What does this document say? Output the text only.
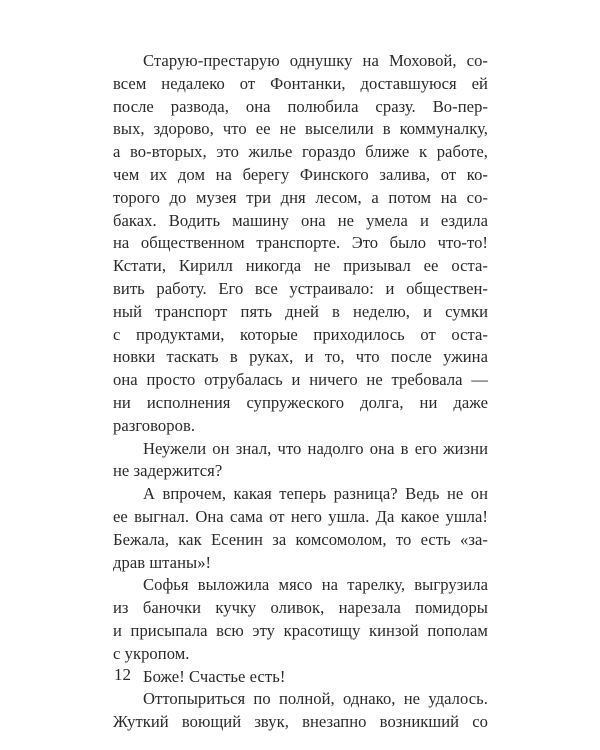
Старую-престарую однушку на Моховой, со-
всем недалеко от Фонтанки, доставшуюся ей
после развода, она полюбила сразу. Во-пер-
вых, здорово, что ее не выселили в коммуналку,
а во-вторых, это жилье гораздо ближе к работе,
чем их дом на берегу Финского залива, от ко-
торого до музея три дня лесом, а потом на со-
баках. Водить машину она не умела и ездила
на общественном транспорте. Это было что-то!
Кстати, Кирилл никогда не призывал ее оста-
вить работу. Его все устраивало: и обществен-
ный транспорт пять дней в неделю, и сумки
с продуктами, которые приходилось от оста-
новки таскать в руках, и то, что после ужина
она просто отрубалась и ничего не требовала —
ни исполнения супружеского долга, ни даже
разговоров.
Неужели он знал, что надолго она в его жизни
не задержится?
А впрочем, какая теперь разница? Ведь не он
ее выгнал. Она сама от него ушла. Да какое ушла!
Бежала, как Есенин за комсомолом, то есть «за-
драв штаны»!
Софья выложила мясо на тарелку, выгрузила
из баночки кучку оливок, нарезала помидоры
и присыпала всю эту красотищу кинзой пополам
с укропом.
Боже! Счастье есть!
Оттопыриться по полной, однако, не удалось.
Жуткий воющий звук, внезапно возникший со
12
